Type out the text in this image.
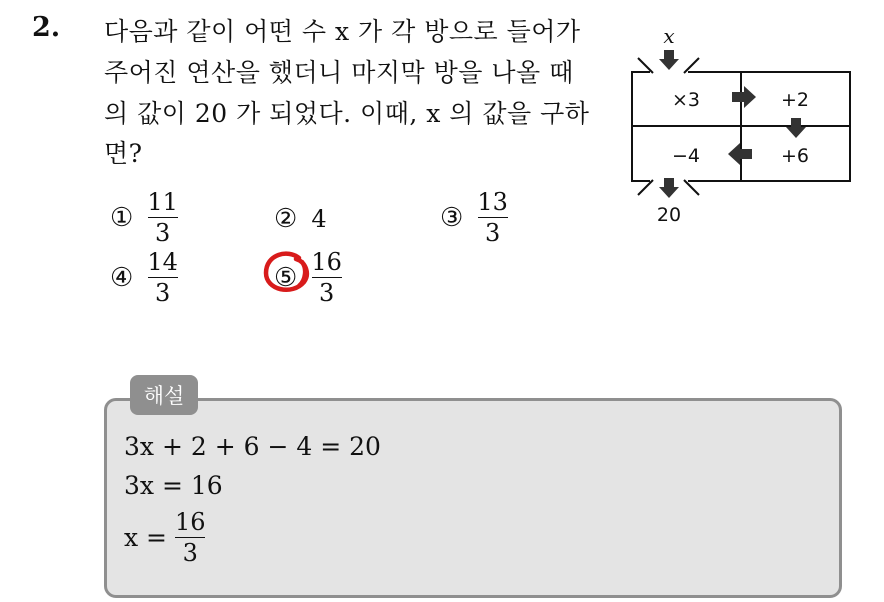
2. 다음과 같이 어떤 수 x 가 각 방으로 들어가
주어진 연산을 했더니 마지막 방을 나올 때
의 값이 20 가 되었다. 이때, x 의 값을 구하
면?
① $\frac{11}{3}$	② 4	③ $\frac{13}{3}$
④ $\frac{14}{3}$	⑤ $\frac{16}{3}$
x
20
×3	+2
+6
−4
해설
3x + 2 + 6 − 4 = 20
3x = 16
$x = \frac{16}{3}$
